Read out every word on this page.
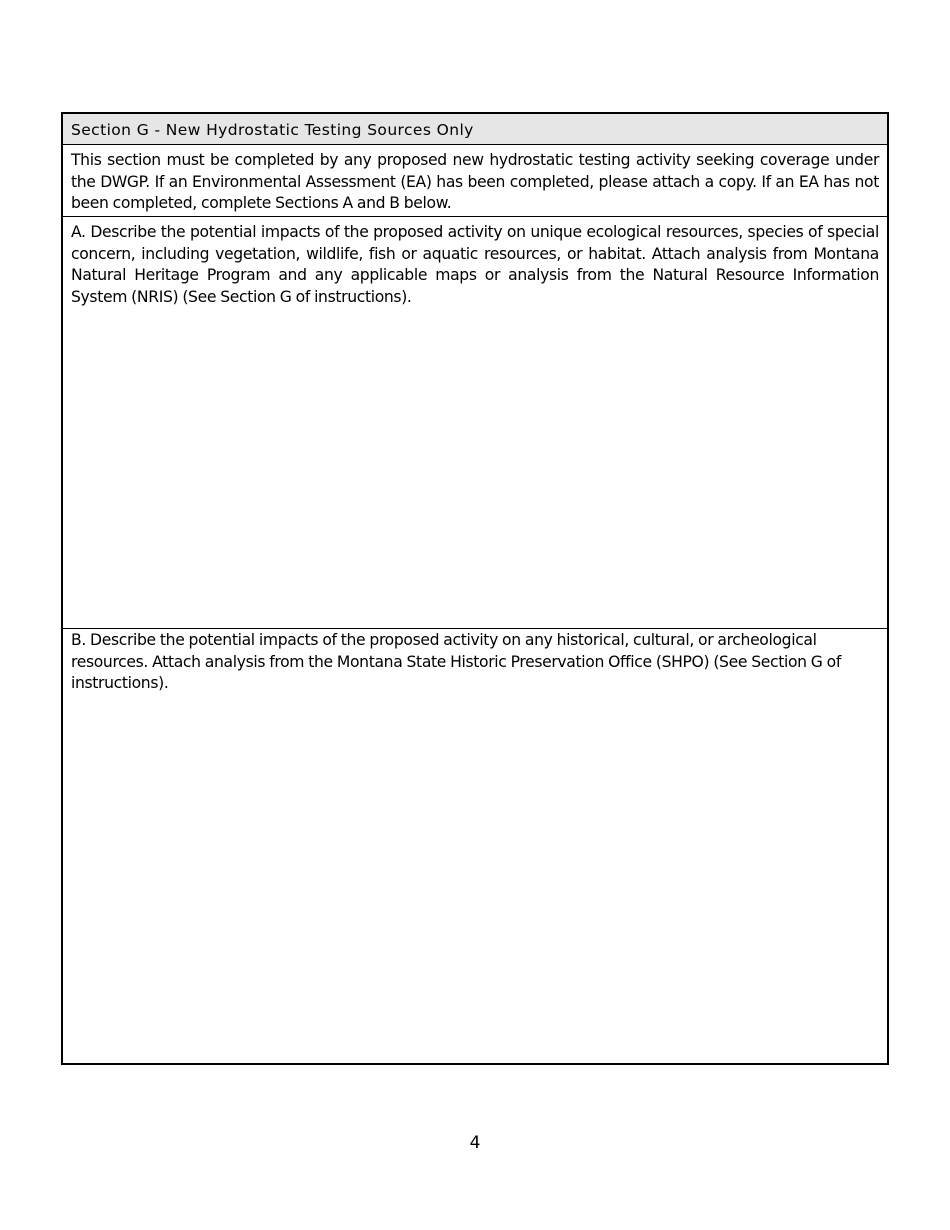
Section G - New Hydrostatic Testing Sources Only
This section must be completed by any proposed new hydrostatic testing activity seeking coverage under the DWGP. If an Environmental Assessment (EA) has been completed, please attach a copy. If an EA has not been completed, complete Sections A and B below.
A. Describe the potential impacts of the proposed activity on unique ecological resources, species of special concern, including vegetation, wildlife, fish or aquatic resources, or habitat. Attach analysis from Montana Natural Heritage Program and any applicable maps or analysis from the Natural Resource Information System (NRIS) (See Section G of instructions).
B. Describe the potential impacts of the proposed activity on any historical, cultural, or archeological resources. Attach analysis from the Montana State Historic Preservation Office (SHPO) (See Section G of instructions).
4
